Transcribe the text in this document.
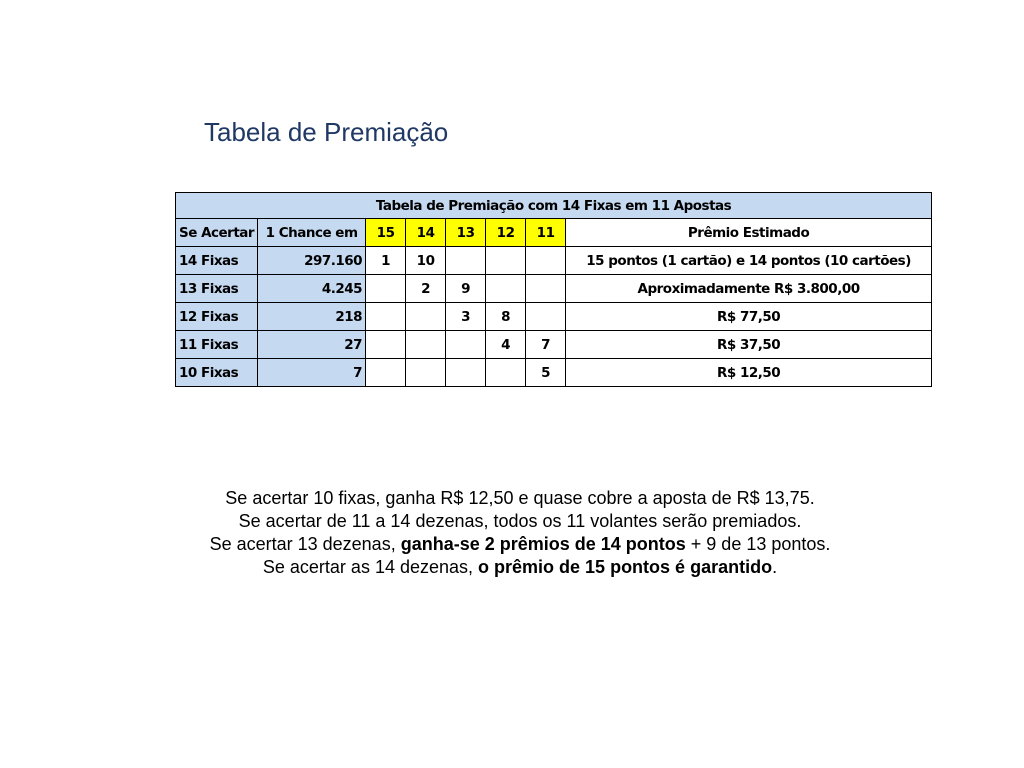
Tabela de Premiação
Tabela de Premiação com 14 Fixas em 11 Apostas							
Se Acertar	1 Chance em	15	14	13	12	11	Prêmio Estimado
14 Fixas	297.160	1	10				15 pontos (1 cartão) e 14 pontos (10 cartões)
13 Fixas	4.245		2	9			Aproximadamente R$ 3.800,00
12 Fixas	218			3	8		R$ 77,50
11 Fixas	27				4	7	R$ 37,50
10 Fixas	7					5	R$ 12,50
Se acertar 10 fixas, ganha R$ 12,50 e quase cobre a aposta de R$ 13,75.
Se acertar de 11 a 14 dezenas, todos os 11 volantes serão premiados.
Se acertar 13 dezenas, ganha-se 2 prêmios de 14 pontos + 9 de 13 pontos.
Se acertar as 14 dezenas, o prêmio de 15 pontos é garantido.
